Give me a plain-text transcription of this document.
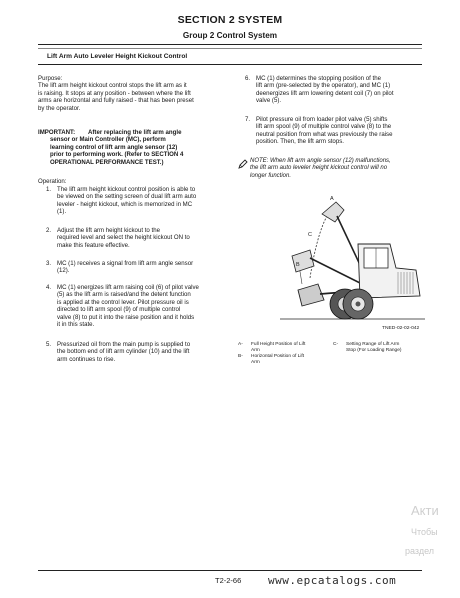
SECTION 2 SYSTEM
Group 2 Control System
Lift Arm Auto Leveler Height Kickout Control
Purpose:
The lift arm height kickout control stops the lift arm as it
is raising. It stops at any position - between where the lift
arms are horizontal and fully raised - that has been preset
by the operator.
IMPORTANT: After replacing the lift arm angle
sensor or Main Controller (MC), perform
learning control of lift arm angle sensor (12)
prior to performing work. (Refer to SECTION 4
OPERATIONAL PERFORMANCE TEST.)
Operation:
1. The lift arm height kickout control position is able to
be viewed on the setting screen of dual lift arm auto
leveler - height kickout, which is memorized in MC
(1).
2. Adjust the lift arm height kickout to the
required level and select the height kickout ON to
make this feature effective.
3. MC (1) receives a signal from lift arm angle sensor
(12).
4. MC (1) energizes lift arm raising coil (6) of pilot valve
(5) as the lift arm is raised/and the detent function
is applied at the control lever. Pilot pressure oil is
directed to lift arm spool (9) of multiple control
valve (8) to put it into the raise position and it holds
it in this state.
5. Pressurized oil from the main pump is supplied to
the bottom end of lift arm cylinder (10) and the lift
arm continues to rise.
6. MC (1) determines the stopping position of the
lift arm (pre-selected by the operator), and MC (1)
deenergizes lift arm lowering detent coil (7) on pilot
valve (5).
7. Pilot pressure oil from loader pilot valve (5) shifts
lift arm spool (9) of multiple control valve (8) to the
neutral position from what was previously the raise
position. Then, the lift arm stops.
NOTE: When lift arm angle sensor (12) malfunctions,
the lift arm auto leveler height kickout control will no
longer function.
C
A
B
TNED-02-02-042
A- Full Height Position of Lift
Arm
B- Horizontal Position of Lift
Arm
C- Setting Range of Lift Arm
Stop (For Loading Range)
Акти
Чтобы
раздел
T2-2-66 www.epcatalogs.com
